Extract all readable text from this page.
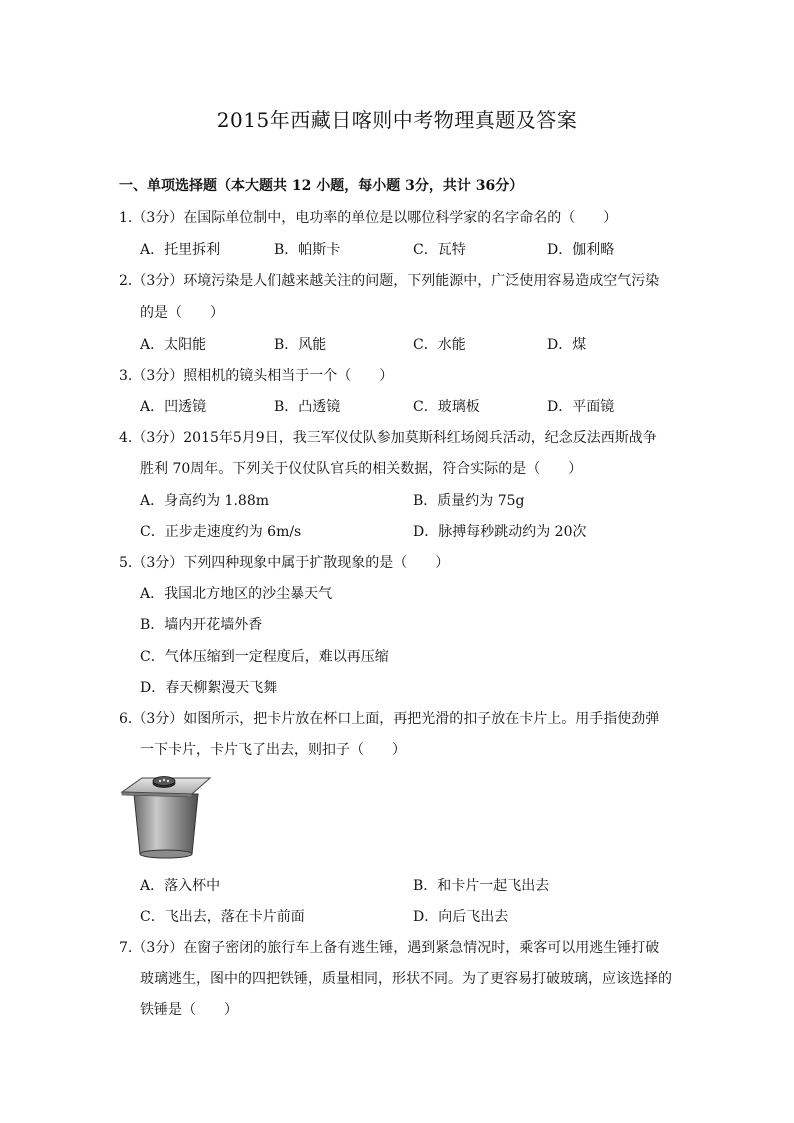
2015年西藏日喀则中考物理真题及答案
一、单项选择题（本大题共 12 小题，每小题 3分，共计 36分）
1.（3分）在国际单位制中，电功率的单位是以哪位科学家的名字命名的（　　）
A．托里拆利	B．帕斯卡	C．瓦特	D．伽利略
2.（3分）环境污染是人们越来越关注的问题，下列能源中，广泛使用容易造成空气污染
的是（　　）
A．太阳能	B．风能	C．水能	D．煤
3.（3分）照相机的镜头相当于一个（　　）
A．凹透镜	B．凸透镜	C．玻璃板	D．平面镜
4.（3分）2015年5月9日，我三军仪仗队参加莫斯科红场阅兵活动，纪念反法西斯战争
胜利 70周年。下列关于仪仗队官兵的相关数据，符合实际的是（　　）
A．身高约为 1.88m	B．质量约为 75g
C．正步走速度约为 6m/s	D．脉搏每秒跳动约为 20次
5.（3分）下列四种现象中属于扩散现象的是（　　）
A．我国北方地区的沙尘暴天气
B．墙内开花墙外香
C．气体压缩到一定程度后，难以再压缩
D．春天柳絮漫天飞舞
6.（3分）如图所示，把卡片放在杯口上面，再把光滑的扣子放在卡片上。用手指使劲弹
一下卡片，卡片飞了出去，则扣子（　　）
A．落入杯中	B．和卡片一起飞出去
C．飞出去，落在卡片前面	D．向后飞出去
7.（3分）在窗子密闭的旅行车上备有逃生锤，遇到紧急情况时，乘客可以用逃生锤打破
玻璃逃生，图中的四把铁锤，质量相同，形状不同。为了更容易打破玻璃，应该选择的
铁锤是（　　）
